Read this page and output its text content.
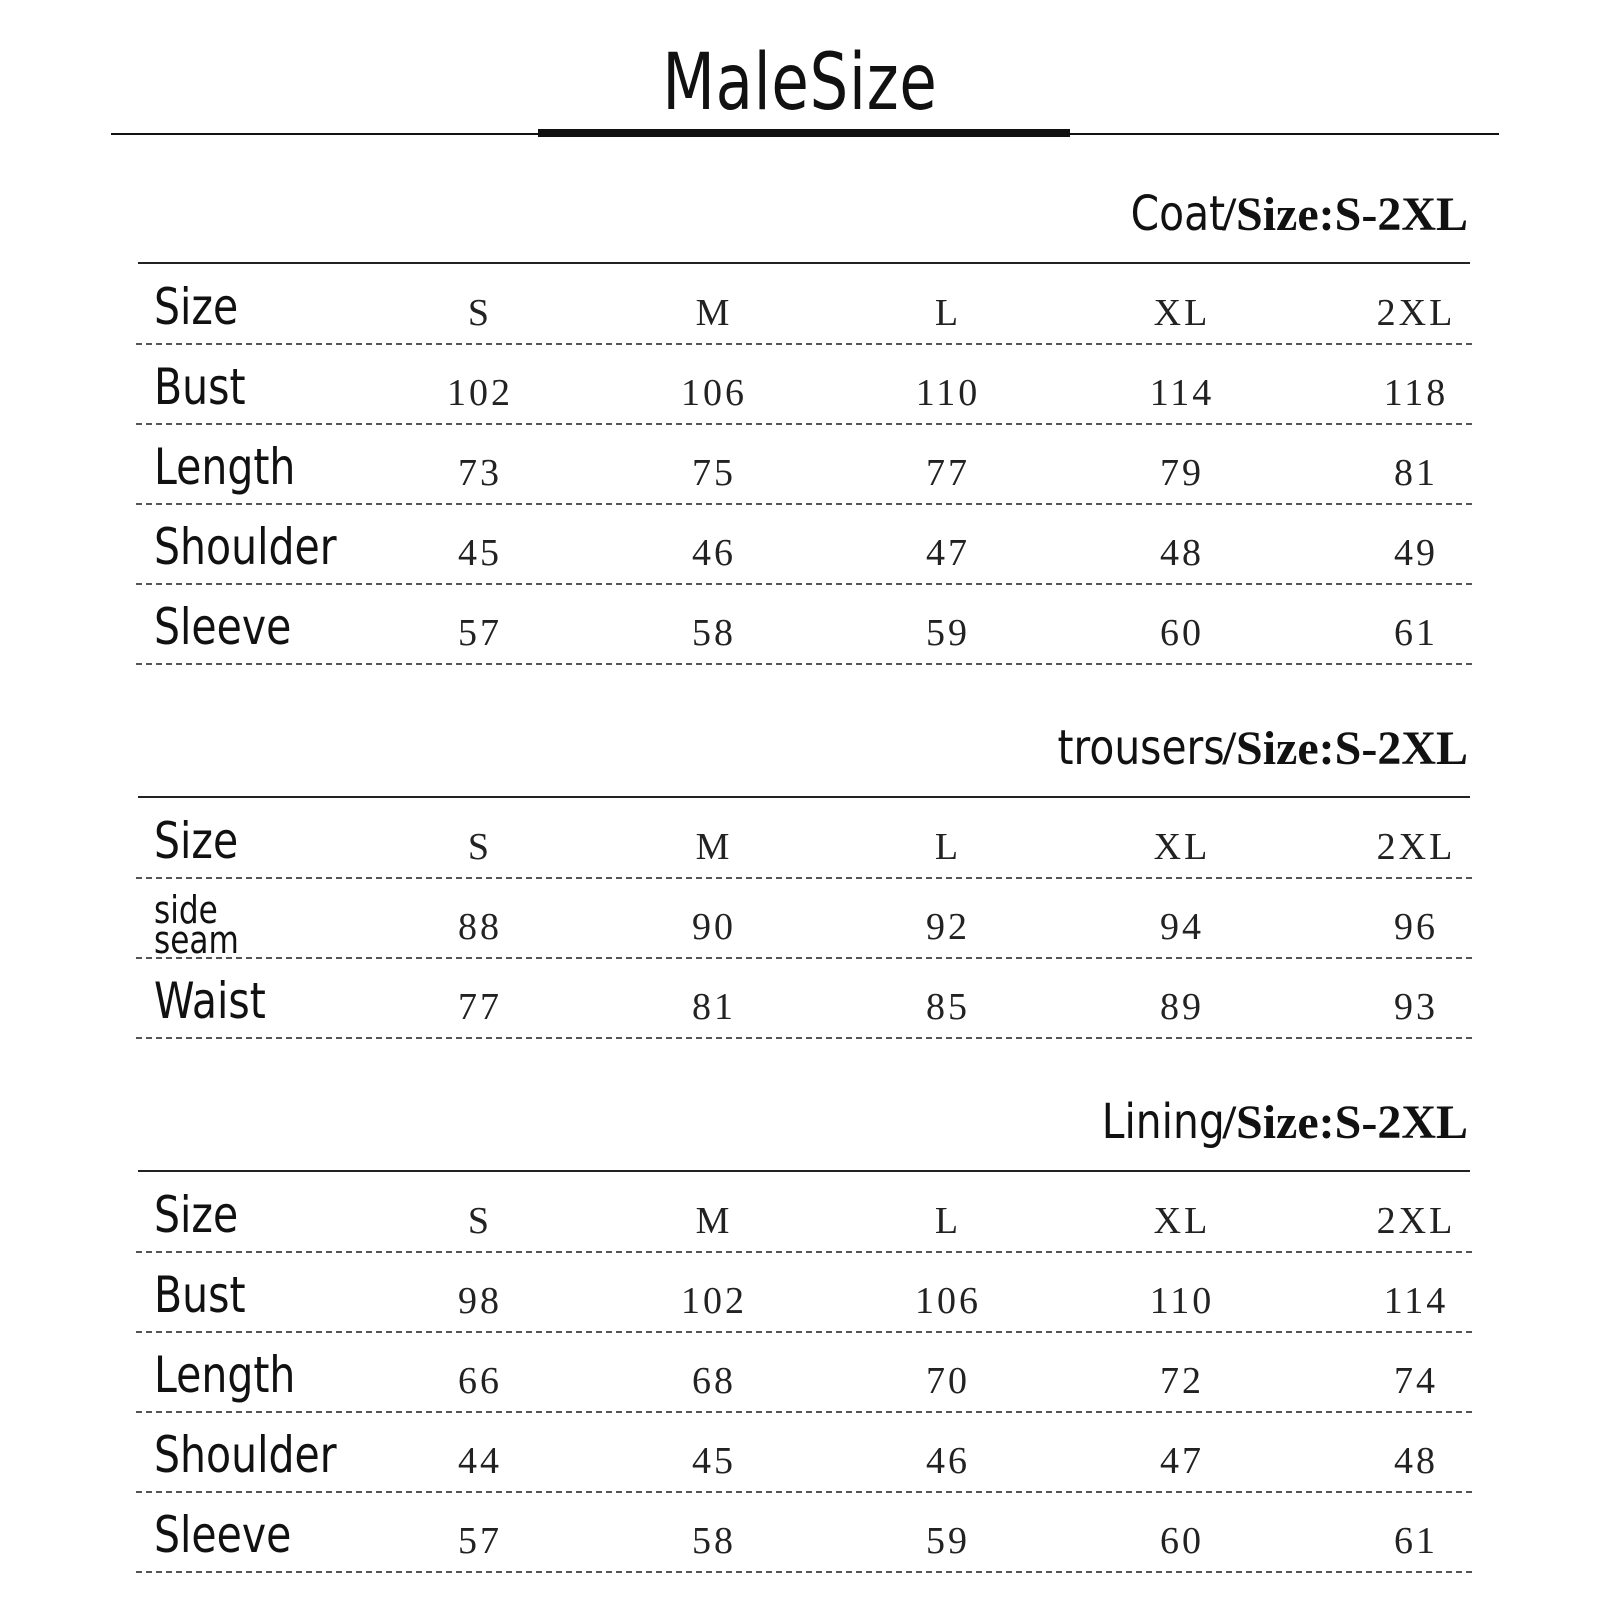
MaleSize
Coat /Size:S-2XL
Size	S	M	L	XL	2XL
Bust	102	106	110	114	118
Length	73	75	77	79	81
Shoulder	45	46	47	48	49
Sleeve	57	58	59	60	61
trousers /Size:S-2XL
Size	S	M	L	XL	2XL
side seam	88	90	92	94	96
Waist	77	81	85	89	93
Lining /Size:S-2XL
Size	S	M	L	XL	2XL
Bust	98	102	106	110	114
Length	66	68	70	72	74
Shoulder	44	45	46	47	48
Sleeve	57	58	59	60	61
